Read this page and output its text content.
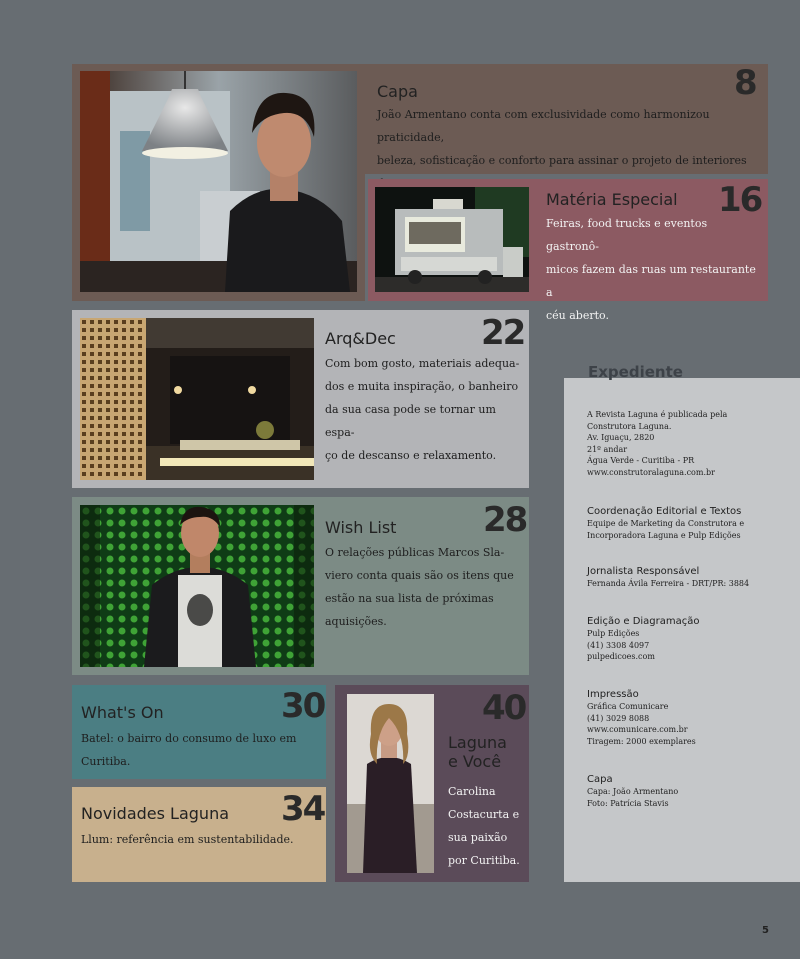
Capa	8
João Armentano conta com exclusividade como harmonizou praticidade,
beleza, sofisticação e conforto para assinar o projeto de interiores
Matéria Especial 16
Feiras, food trucks e eventos gastronô-
micos fazem das ruas um restaurante a
céu aberto.
Arq&Dec	22
Com bom gosto, materiais adequa-
dos e muita inspiração, o banheiro
da sua casa pode se tornar um espa-
ço de descanso e relaxamento.
Wish List	28
O relações públicas Marcos Sla-
viero conta quais são os itens que
estão na sua lista de próximas
aquisições.
What's On	30
Batel: o bairro do consumo de luxo em Curitiba.
Novidades Laguna 34
Llum: referência em sustentabilidade.
Laguna
e Você
40
Carolina
Costacurta e
sua paixão
por Curitiba.
A Revista Laguna é publicada pela
Construtora Laguna.
Av. Iguaçu, 2820
21º andar
Água Verde - Curitiba - PR
www.construtoralaguna.com.br
Coordenação Editorial e Textos
Equipe de Marketing da Construtora e
Incorporadora Laguna e Pulp Edições
Jornalista Responsável
Fernanda Ávila Ferreira - DRT/PR: 3884
Edição e Diagramação
Pulp Edições
(41) 3308 4097
pulpedicoes.com
Impressão
Gráfica Comunicare
(41) 3029 8088
www.comunicare.com.br
Tiragem: 2000 exemplares
Capa
Capa: João Armentano
Foto: Patrícia Stavis
Expediente
5
